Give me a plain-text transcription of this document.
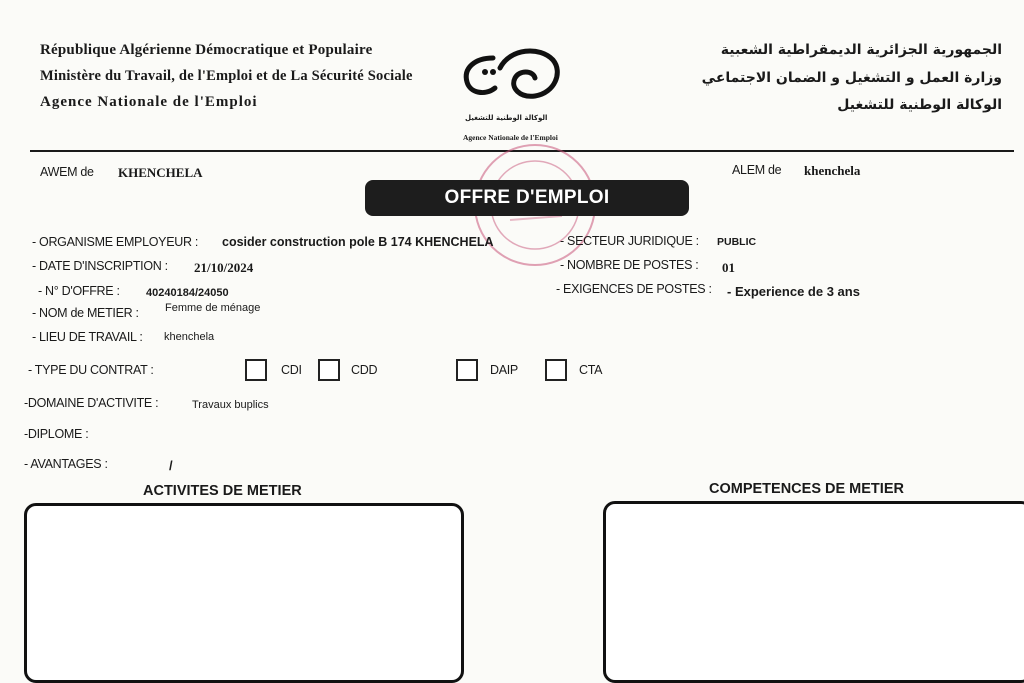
République Algérienne Démocratique et Populaire
Ministère du Travail, de l'Emploi et de La Sécurité Sociale
Agence Nationale de l'Emploi
الجمهورية الجزائرية الديمقراطية الشعبية
وزارة العمل و التشغيل و الضمان الاجتماعي
الوكالة الوطنية للتشغيل
الوكالة الوطنية للتشغيل
Agence Nationale de l'Emploi
AWEM de KHENCHELA	ALEM de khenchela
OFFRE D'EMPLOI
- ORGANISME EMPLOYEUR : cosider construction pole B 174 KHENCHELA
- DATE D'INSCRIPTION : 21/10/2024
- N° D'OFFRE : 40240184/24050
- NOM de METIER : Femme de ménage
- LIEU DE TRAVAIL : khenchela
- SECTEUR JURIDIQUE : PUBLIC
- NOMBRE DE POSTES : 01
- EXIGENCES DE POSTES : - Experience de 3 ans
- TYPE DU CONTRAT :	CDI	CDD	DAIP	CTA
-DOMAINE D'ACTIVITE :	Travaux buplics
-DIPLOME :
- AVANTAGES :	/
ACTIVITES DE METIER	COMPETENCES DE METIER
